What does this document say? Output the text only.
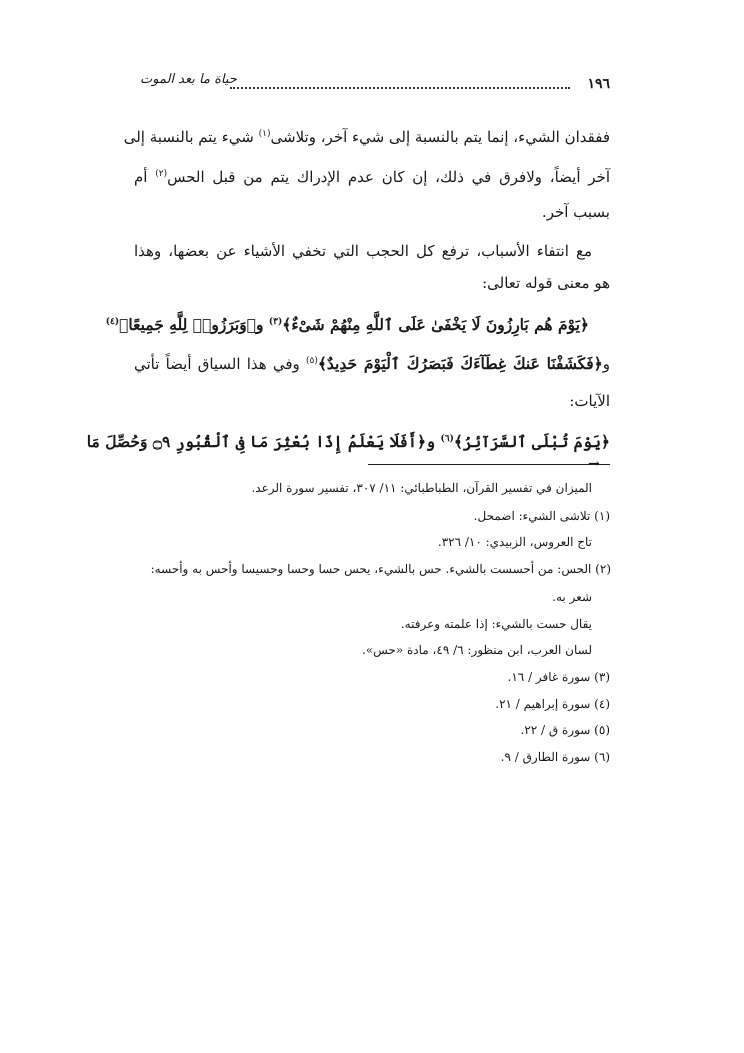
١٩٦
حياة ما بعد الموت
ففقدان الشيء، إنما يتم بالنسبة إلى شيء آخر، وتلاشى$^{(١)}$ شيء يتم بالنسبة إلى
آخر أيضاً، ولافرق في ذلك، إن كان عدم الإدراك يتم من قبل الحس$^{(٢)}$ أم
بسبب آخر.
مع انتفاء الأسباب، ترفع كل الحجب التي تخفي الأشياء عن بعضها، وهذا
هو معنى قوله تعالى:
﴿يَوْمَ هُم بَارِزُونَ لَا يَخْفَىٰ عَلَى ٱللَّهِ مِنْهُمْ شَىْءٌ﴾$^{(٣)}$ و﴿وَبَرَزُوا۟ لِلَّهِ جَمِيعًا﴾$^{(٤)}$
و﴿فَكَشَفْنَا عَنكَ غِطَآءَكَ فَبَصَرُكَ ٱلْيَوْمَ حَدِيدٌ﴾$^{(٥)}$ وفي هذا السياق أيضاً تأتي
الآيات:
﴿يَوْمَ تُبْلَى ٱلسَّرَآئِرُ﴾$^{(٦)}$ و﴿أَفَلَا يَعْلَمُ إِذَا بُعْثِرَ مَا فِى ٱلْقُبُورِ ۝٩ وَحُصِّلَ مَا
→
الميزان في تفسير القرآن، الطباطبائي: ١١/ ٣٠٧، تفسير سورة الرعد.
(١) تلاشى الشيء: اضمحل.
تاج العروس، الزبيدي: ١٠/ ٣٢٦.
(٢) الحس: من أحسست بالشيء. حس بالشيء، يحس حسا وحسا وحسيسا وأحس به وأحسه:
شعر به.
يقال حست بالشيء: إذا علمته وعرفته.
لسان العرب، ابن منظور: ٦/ ٤٩، مادة «حس».
(٣) سورة غافر / ١٦.
(٤) سورة إبراهيم / ٢١.
(٥) سورة ق / ٢٢.
(٦) سورة الطارق / ٩.
